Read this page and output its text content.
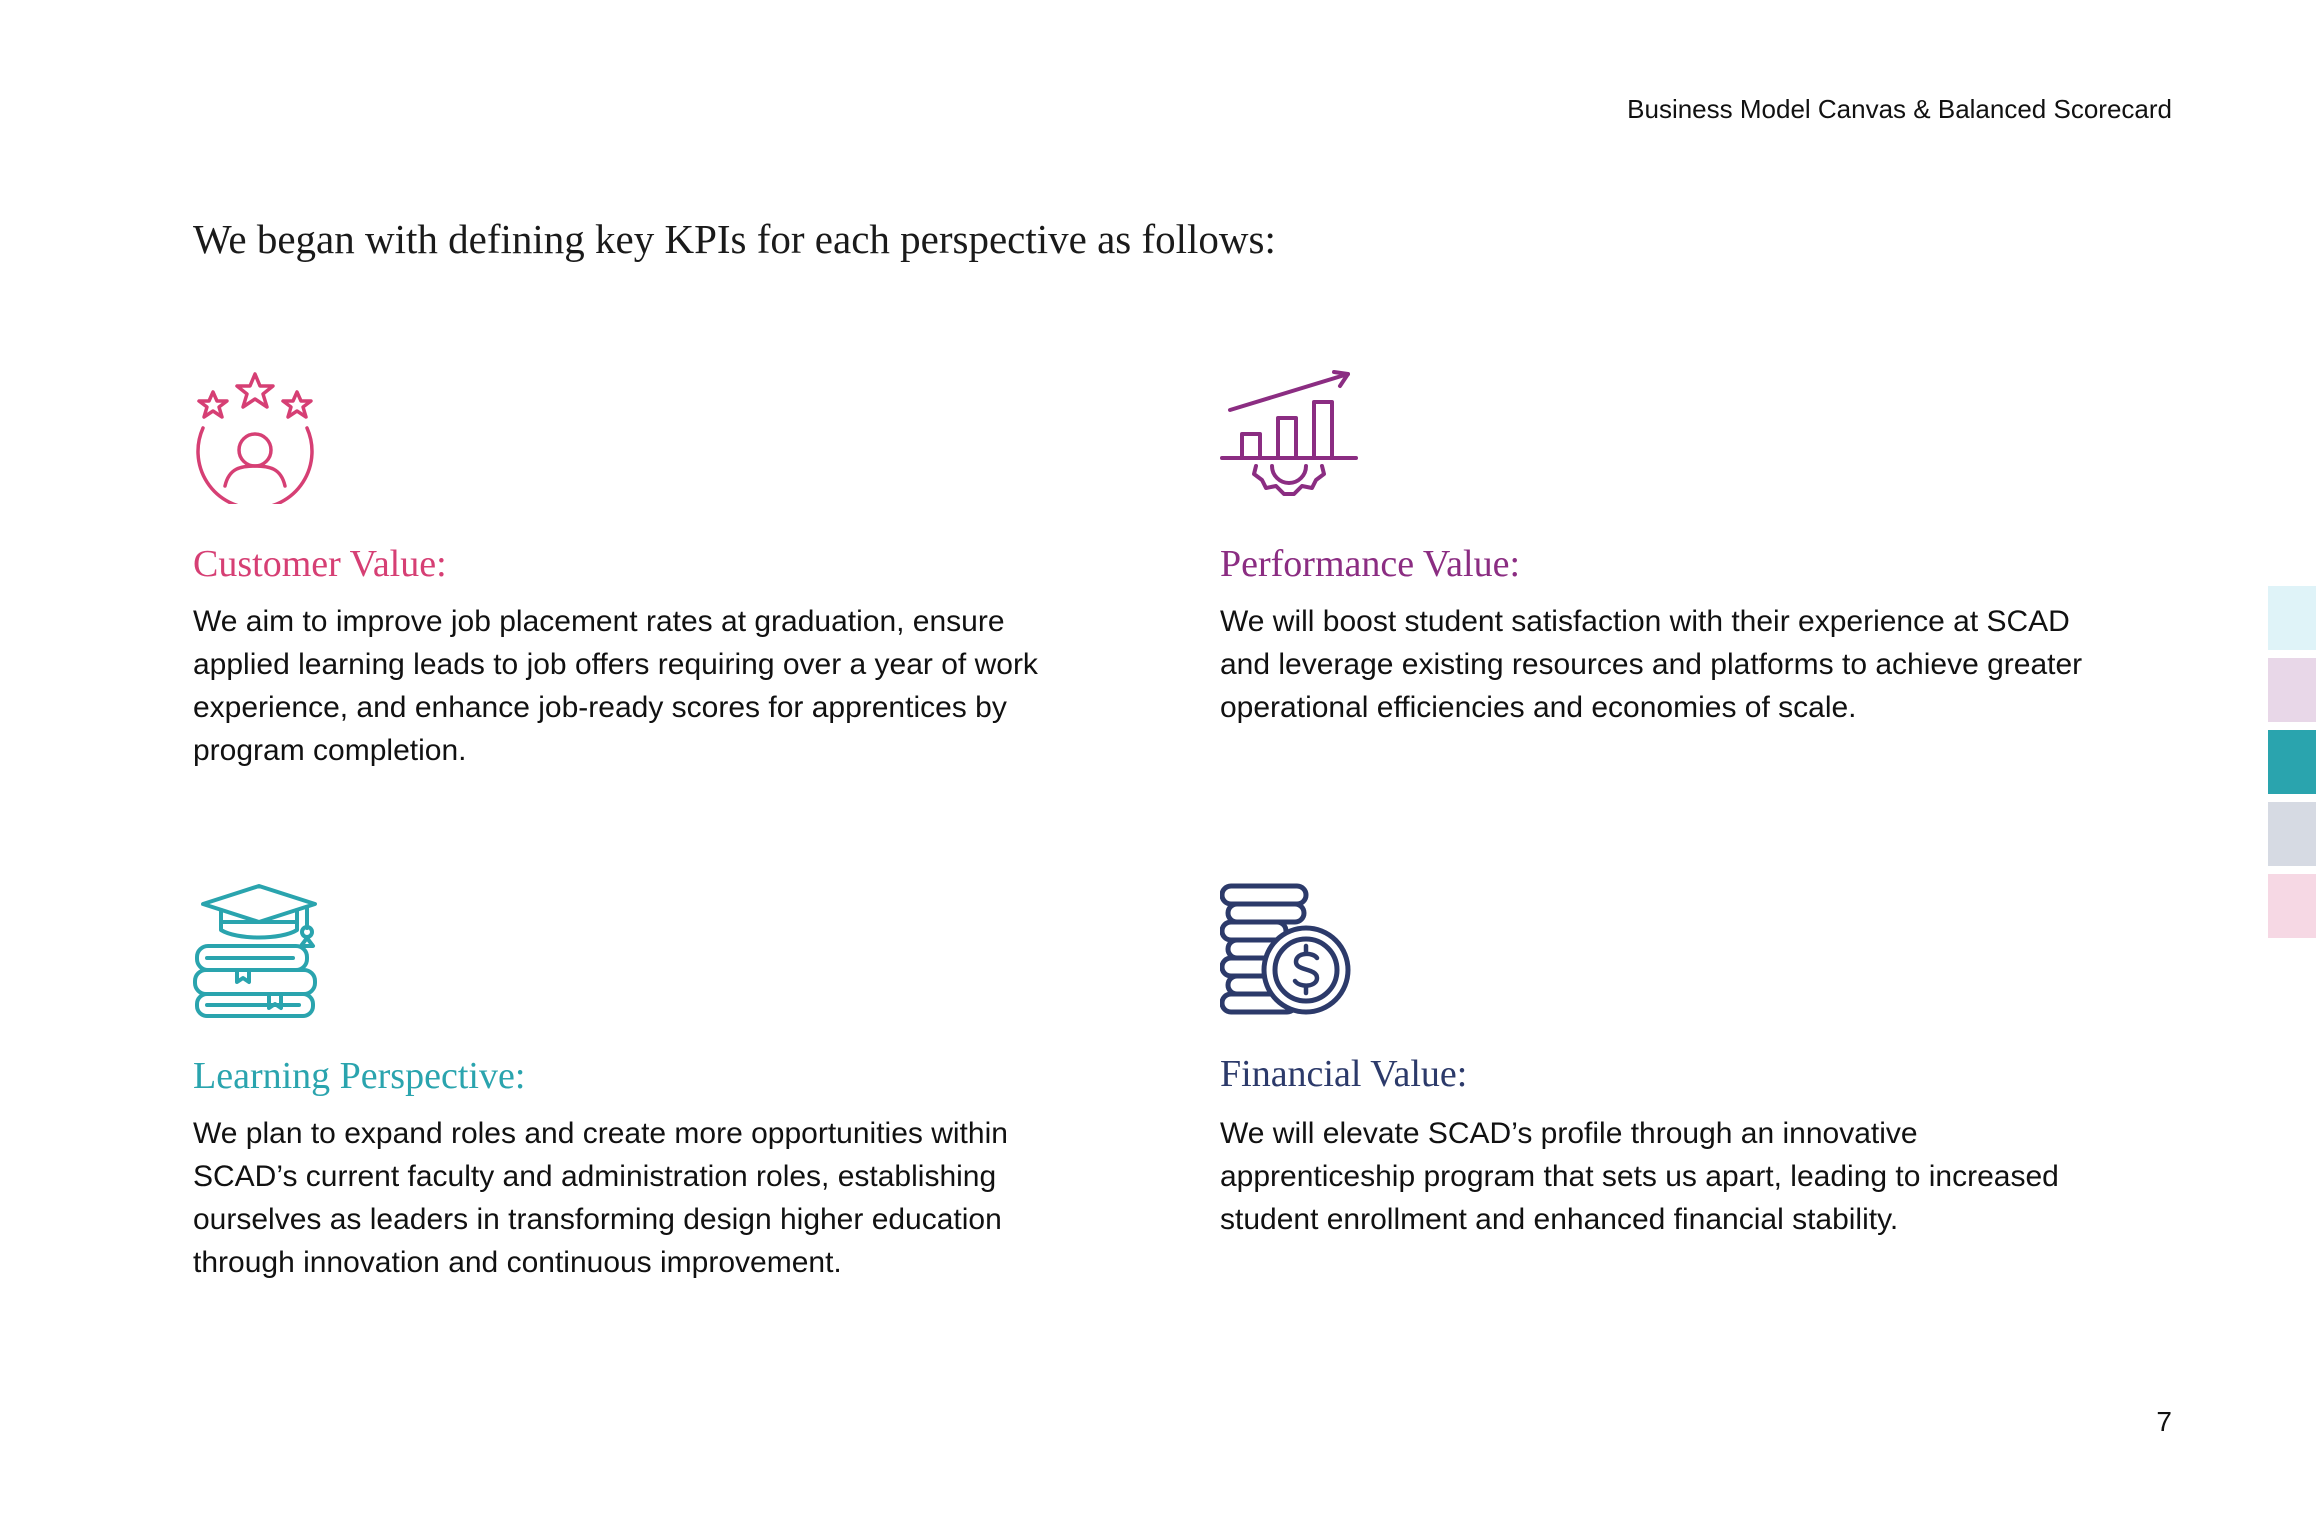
Business Model Canvas & Balanced Scorecard
We began with defining key KPIs for each perspective as follows:
Customer Value:
We aim to improve job placement rates at graduation, ensure applied learning leads to job offers requiring over a year of work experience, and enhance job-ready scores for apprentices by program completion.
Performance Value:
We will boost student satisfaction with their experience at SCAD and leverage existing resources and platforms to achieve greater operational efficiencies and economies of scale.
Learning Perspective:
We plan to expand roles and create more opportunities within SCAD’s current faculty and administration roles, establishing ourselves as leaders in transforming design higher education through innovation and continuous improvement.
Financial Value:
We will elevate SCAD’s profile through an innovative apprenticeship program that sets us apart, leading to increased student enrollment and enhanced financial stability.
7
